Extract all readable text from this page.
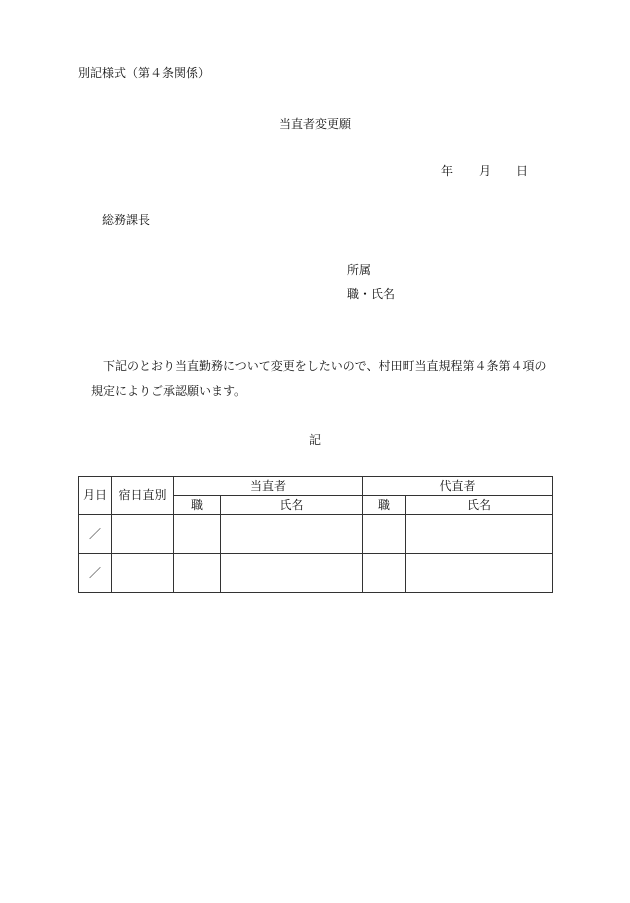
別記様式（第４条関係）
当直者変更願
年 月 日
総務課長
所属
職・氏名
下記のとおり当直勤務について変更をしたいので、村田町当直規程第４条第４項の
規定によりご承認願います。
記
月日	宿日直別	当直者		代直者	
		職	氏名	職	氏名
／					
／					
